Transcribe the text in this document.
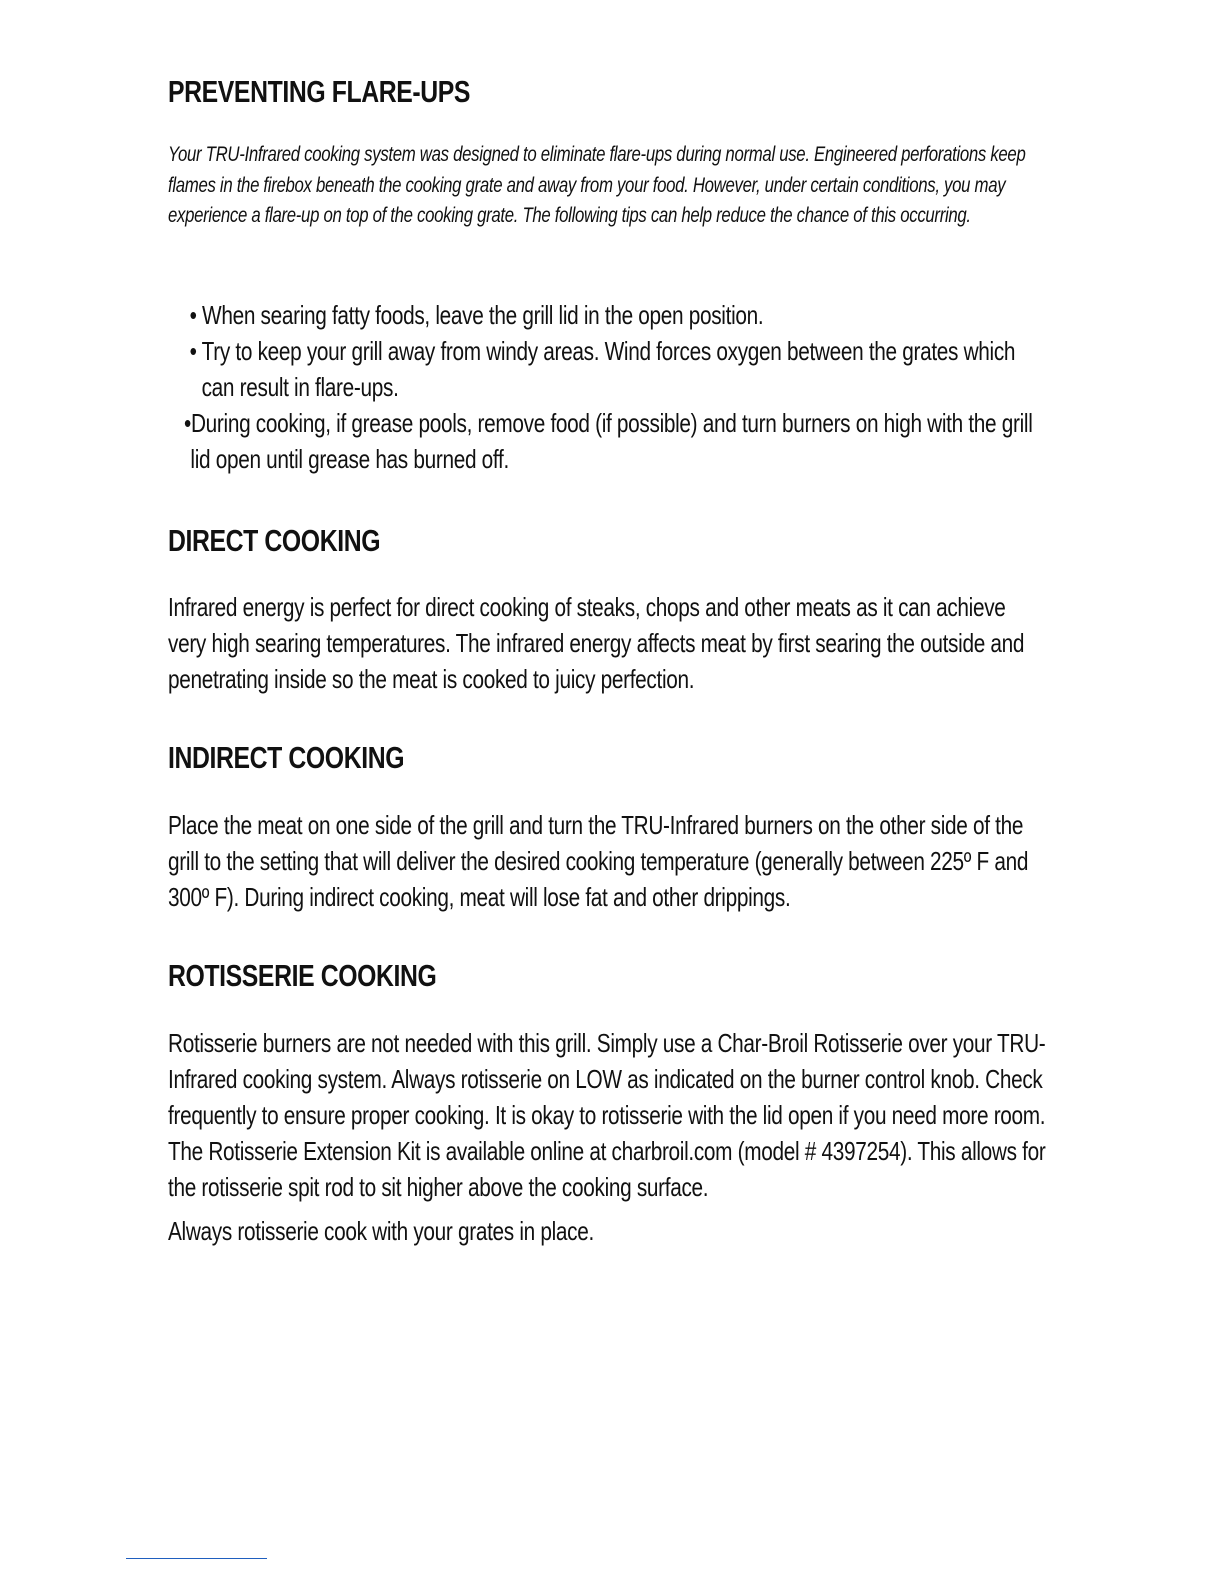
PREVENTING FLARE-UPS

Your TRU-Infrared cooking system was designed to eliminate flare-ups during normal use. Engineered perforations keep flames in the firebox beneath the cooking grate and away from your food. However, under certain conditions, you may experience a flare-up on top of the cooking grate. The following tips can help reduce the chance of this occurring.

• When searing fatty foods, leave the grill lid in the open position.
• Try to keep your grill away from windy areas. Wind forces oxygen between the grates which can result in flare-ups.
•During cooking, if grease pools, remove food (if possible) and turn burners on high with the grill lid open until grease has burned off.
DIRECT COOKING

Infrared energy is perfect for direct cooking of steaks, chops and other meats as it can achieve very high searing temperatures. The infrared energy affects meat by first searing the outside and penetrating inside so the meat is cooked to juicy perfection.

INDIRECT COOKING

Place the meat on one side of the grill and turn the TRU-Infrared burners on the other side of the grill to the setting that will deliver the desired cooking temperature (generally between 225º F and 300º F). During indirect cooking, meat will lose fat and other drippings.

ROTISSERIE COOKING

Rotisserie burners are not needed with this grill. Simply use a Char-Broil Rotisserie over your TRU-Infrared cooking system. Always rotisserie on LOW as indicated on the burner control knob. Check frequently to ensure proper cooking. It is okay to rotisserie with the lid open if you need more room. The Rotisserie Extension Kit is available online at charbroil.com (model # 4397254). This allows for the rotisserie spit rod to sit higher above the cooking surface.

Always rotisserie cook with your grates in place.
